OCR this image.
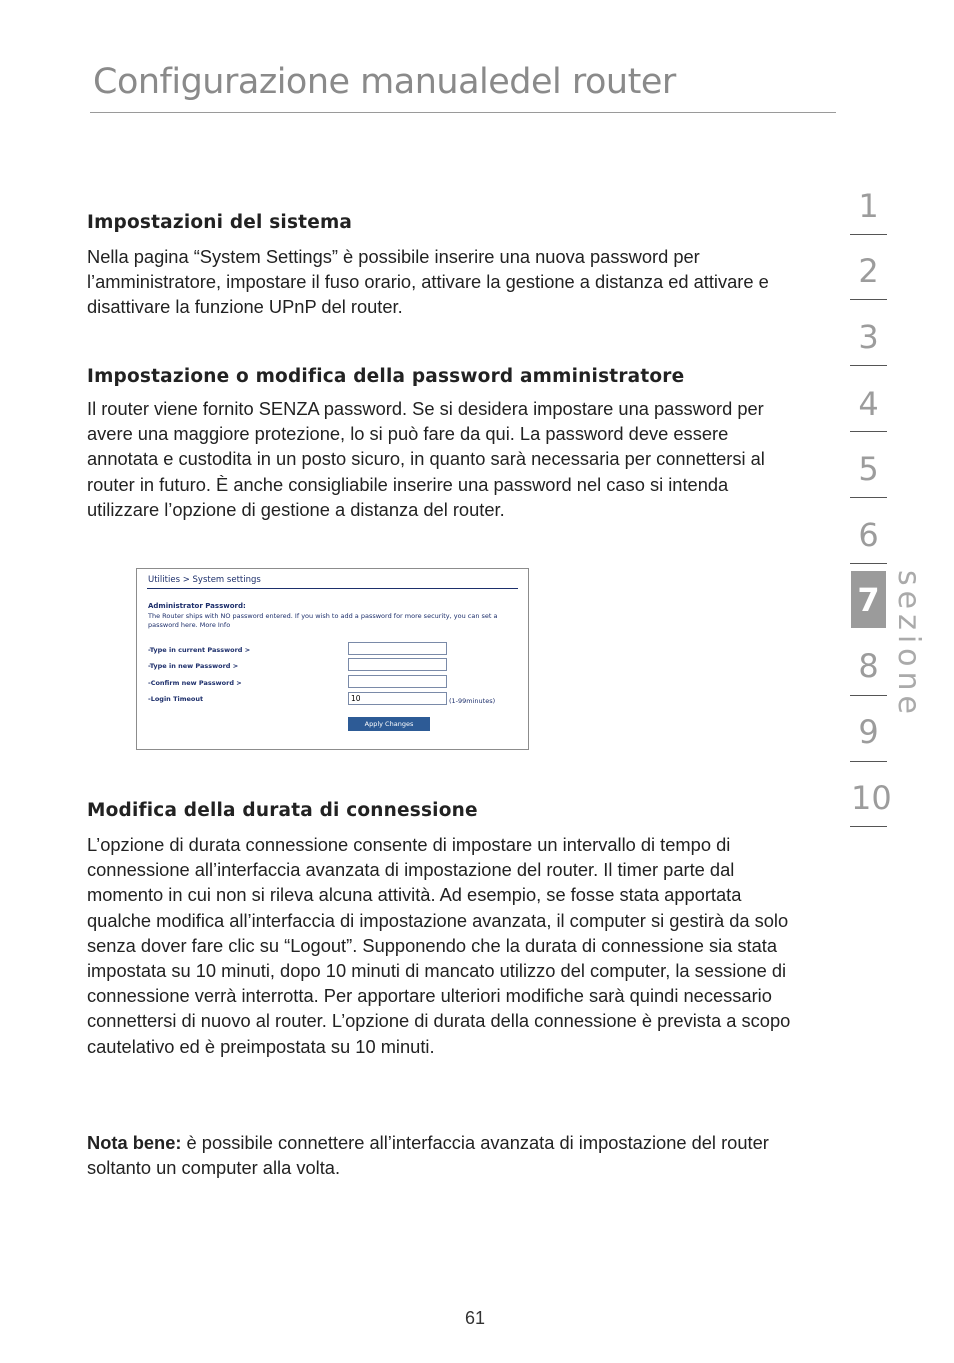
Configurazione manualedel router
Impostazioni del sistema

Nella pagina “System Settings” è possibile inserire una nuova password per l’amministratore, impostare il fuso orario, attivare la gestione a distanza ed attivare e disattivare la funzione UPnP del router.

Impostazione o modifica della password amministratore

Il router viene fornito SENZA password. Se si desidera impostare una password per avere una maggiore protezione, lo si può fare da qui. La password deve essere annotata e custodita in un posto sicuro, in quanto sarà necessaria per connettersi al router in futuro. È anche consigliabile inserire una password nel caso si intenda utilizzare l’opzione di gestione a distanza del router.

Utilities > System settings
Administrator Password:
The Router ships with NO password entered. If you wish to add a password for more security, you can set a password here. More Info
-Type in current Password >
-Type in new Password >
-Confirm new Password >
-Login Timeout	10	(1-99minutes)
Apply Changes
Modifica della durata di connessione

L’opzione di durata connessione consente di impostare un intervallo di tempo di connessione all’interfaccia avanzata di impostazione del router. Il timer parte dal momento in cui non si rileva alcuna attività. Ad esempio, se fosse stata apportata qualche modifica all’interfaccia di impostazione avanzata, il computer si gestirà da solo senza dover fare clic su “Logout”. Supponendo che la durata di connessione sia stata impostata su 10 minuti, dopo 10 minuti di mancato utilizzo del computer, la sessione di connessione verrà interrotta. Per apportare ulteriori modifiche sarà quindi necessario connettersi di nuovo al router. L’opzione di durata della connessione è prevista a scopo cautelativo ed è preimpostata su 10 minuti.

Nota bene: è possibile connettere all’interfaccia avanzata di impostazione del router soltanto un computer alla volta.

1
2
3
4
5
6
7
8
9
10
sezione
61
